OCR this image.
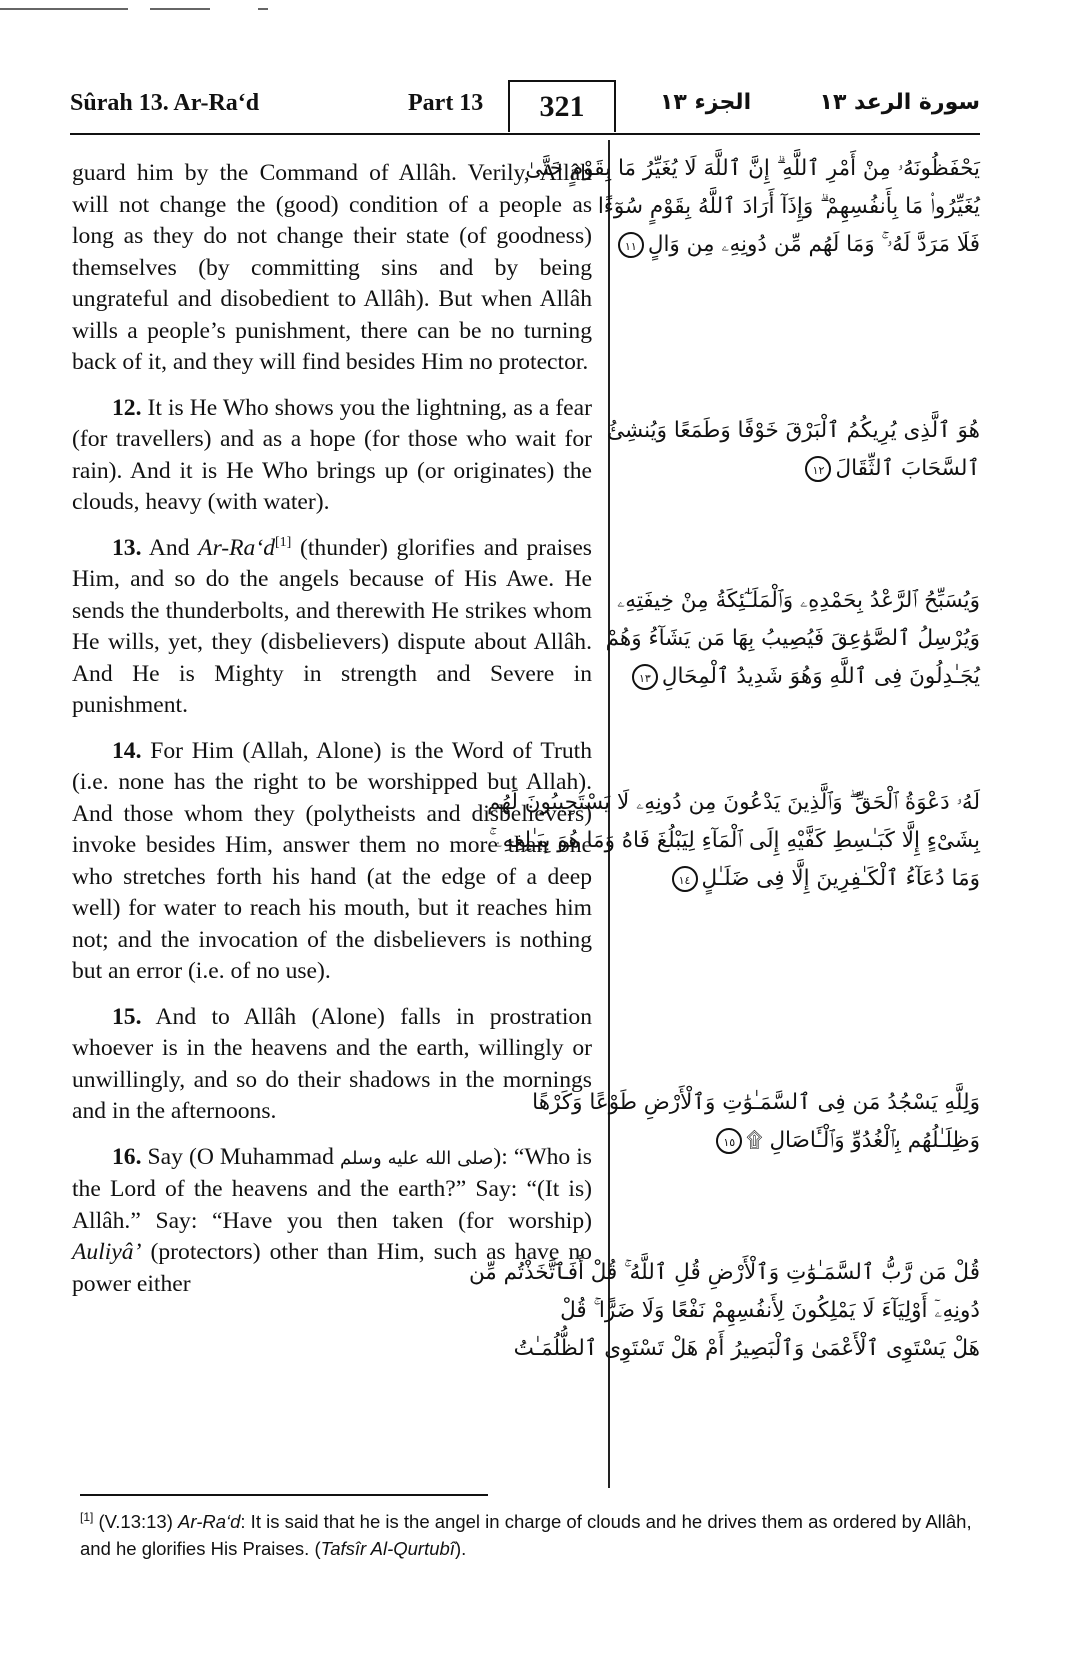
Sûrah 13. Ar-Ra‘d	Part 13	321	الجزء ١٣	سورة الرعد ١٣

guard him by the Command of Allâh. Verily, Allâh will not change the (good) condition of a people as long as they do not change their state (of goodness) themselves (by committing sins and by being ungrateful and disobedient to Allâh). But when Allâh wills a people’s punishment, there can be no turning back of it, and they will find besides Him no protector.

12. It is He Who shows you the lightning, as a fear (for travellers) and as a hope (for those who wait for rain). And it is He Who brings up (or originates) the clouds, heavy (with water).

13. And Ar-Ra‘d[1] (thunder) glorifies and praises Him, and so do the angels because of His Awe. He sends the thunderbolts, and therewith He strikes whom He wills, yet, they (disbelievers) dispute about Allâh. And He is Mighty in strength and Severe in punishment.

14. For Him (Allah, Alone) is the Word of Truth (i.e. none has the right to be worshipped but Allah). And those whom they (polytheists and disbelievers) invoke besides Him, answer them no more than one who stretches forth his hand (at the edge of a deep well) for water to reach his mouth, but it reaches him not; and the invocation of the disbelievers is nothing but an error (i.e. of no use).

15. And to Allâh (Alone) falls in prostration whoever is in the heavens and the earth, willingly or unwillingly, and so do their shadows in the mornings and in the afternoons.

16. Say (O Muhammad صلى الله عليه وسلم): “Who is the Lord of the heavens and the earth?” Say: “(It is) Allâh.” Say: “Have you then taken (for worship) Auliyâ’ (protectors) other than Him, such as have no power either

يَحْفَظُونَهُۥ مِنْ أَمْرِ ٱللَّهِ ۗ إِنَّ ٱللَّهَ لَا يُغَيِّرُ مَا بِقَوْمٍ حَتَّىٰ
يُغَيِّرُوا۟ مَا بِأَنفُسِهِمْ ۗ وَإِذَآ أَرَادَ ٱللَّهُ بِقَوْمٍ سُوٓءًا
فَلَا مَرَدَّ لَهُۥ ۚ وَمَا لَهُم مِّن دُونِهِۦ مِن وَالٍ١١
هُوَ ٱلَّذِى يُرِيكُمُ ٱلْبَرْقَ خَوْفًا وَطَمَعًا وَيُنشِئُ
ٱلسَّحَابَ ٱلثِّقَالَ١٢
وَيُسَبِّحُ ٱلرَّعْدُ بِحَمْدِهِۦ وَٱلْمَلَـٰٓئِكَةُ مِنْ خِيفَتِهِۦ
وَيُرْسِلُ ٱلصَّوَٰعِقَ فَيُصِيبُ بِهَا مَن يَشَآءُ وَهُمْ
يُجَـٰدِلُونَ فِى ٱللَّهِ وَهُوَ شَدِيدُ ٱلْمِحَالِ١٣
لَهُۥ دَعْوَةُ ٱلْحَقِّ ۖ وَٱلَّذِينَ يَدْعُونَ مِن دُونِهِۦ لَا يَسْتَجِيبُونَ لَهُم
بِشَىْءٍ إِلَّا كَبَـٰسِطِ كَفَّيْهِ إِلَى ٱلْمَآءِ لِيَبْلُغَ فَاهُ وَمَا هُوَ بِبَـٰلِغِهِۦ ۚ
وَمَا دُعَآءُ ٱلْكَـٰفِرِينَ إِلَّا فِى ضَلَـٰلٍ١٤
وَلِلَّهِ يَسْجُدُ مَن فِى ٱلسَّمَـٰوَٰتِ وَٱلْأَرْضِ طَوْعًا وَكَرْهًا
وَظِلَـٰلُهُم بِٱلْغُدُوِّ وَٱلْـَٔاصَالِ ۩١٥
قُلْ مَن رَّبُّ ٱلسَّمَـٰوَٰتِ وَٱلْأَرْضِ قُلِ ٱللَّهُ ۚ قُلْ أَفَٱتَّخَذْتُم مِّن
دُونِهِۦٓ أَوْلِيَآءَ لَا يَمْلِكُونَ لِأَنفُسِهِمْ نَفْعًا وَلَا ضَرًّا ۚ قُلْ
هَلْ يَسْتَوِى ٱلْأَعْمَىٰ وَٱلْبَصِيرُ أَمْ هَلْ تَسْتَوِى ٱلظُّلُمَـٰتُ
[1] (V.13:13) Ar-Ra‘d: It is said that he is the angel in charge of clouds and he drives them as ordered by Allâh, and he glorifies His Praises. (Tafsîr Al-Qurtubî).
